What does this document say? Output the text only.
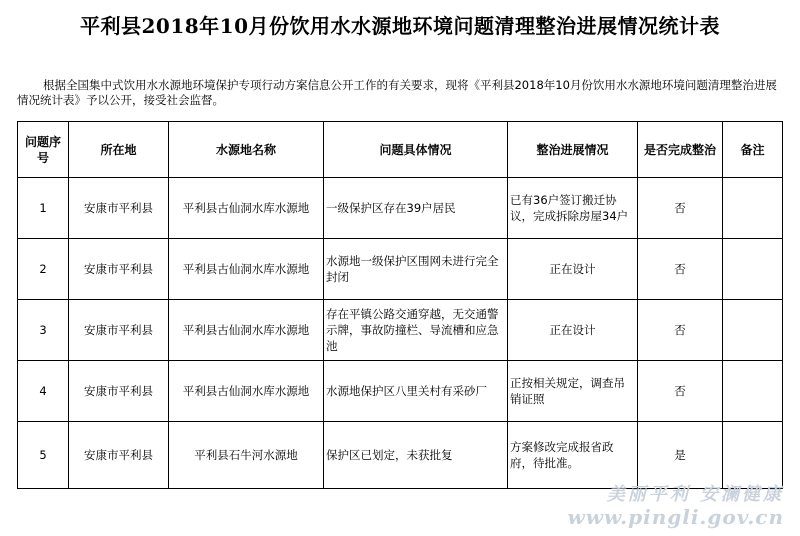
平利县2018年10月份饮用水水源地环境问题清理整治进展情况统计表
根据全国集中式饮用水水源地环境保护专项行动方案信息公开工作的有关要求，现将《平利县2018年10月份饮用水水源地环境问题清理整治进展情况统计表》予以公开，接受社会监督。
问题序号	所在地	水源地名称	问题具体情况	整治进展情况	是否完成整治	备注
1	安康市平利县	平利县古仙洞水库水源地	一级保护区存在39户居民	已有36户签订搬迁协议，完成拆除房屋34户	否	
2	安康市平利县	平利县古仙洞水库水源地	水源地一级保护区围网未进行完全封闭	正在设计	否	
3	安康市平利县	平利县古仙洞水库水源地	存在平镇公路交通穿越，无交通警示牌，事故防撞栏、导流槽和应急池	正在设计	否	
4	安康市平利县	平利县古仙洞水库水源地	水源地保护区八里关村有采砂厂	正按相关规定，调查吊销证照	否	
5	安康市平利县	平利县石牛河水源地	保护区已划定，未获批复	方案修改完成报省政府，待批准。	是	
美丽平利 安澜健康
www.pingli.gov.cn
